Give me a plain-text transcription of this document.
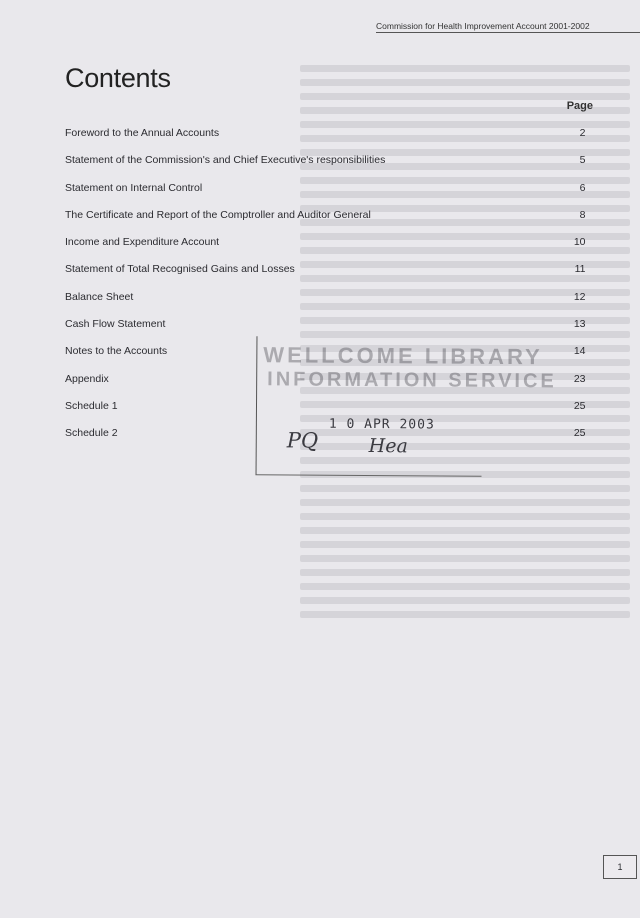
Commission for Health Improvement Account 2001-2002
Contents
Page
Foreword to the Annual Accounts	2
Statement of the Commission's and Chief Executive's responsibilities	5
Statement on Internal Control	6
The Certificate and Report of the Comptroller and Auditor General	8
Income and Expenditure Account	10
Statement of Total Recognised Gains and Losses	11
Balance Sheet	12
Cash Flow Statement	13
Notes to the Accounts	14
Appendix	23
Schedule 1	25
Schedule 2	25
WELLCOME LIBRARY
INFORMATION SERVICE
1 0 APR 2003
PQ	Hea
1
